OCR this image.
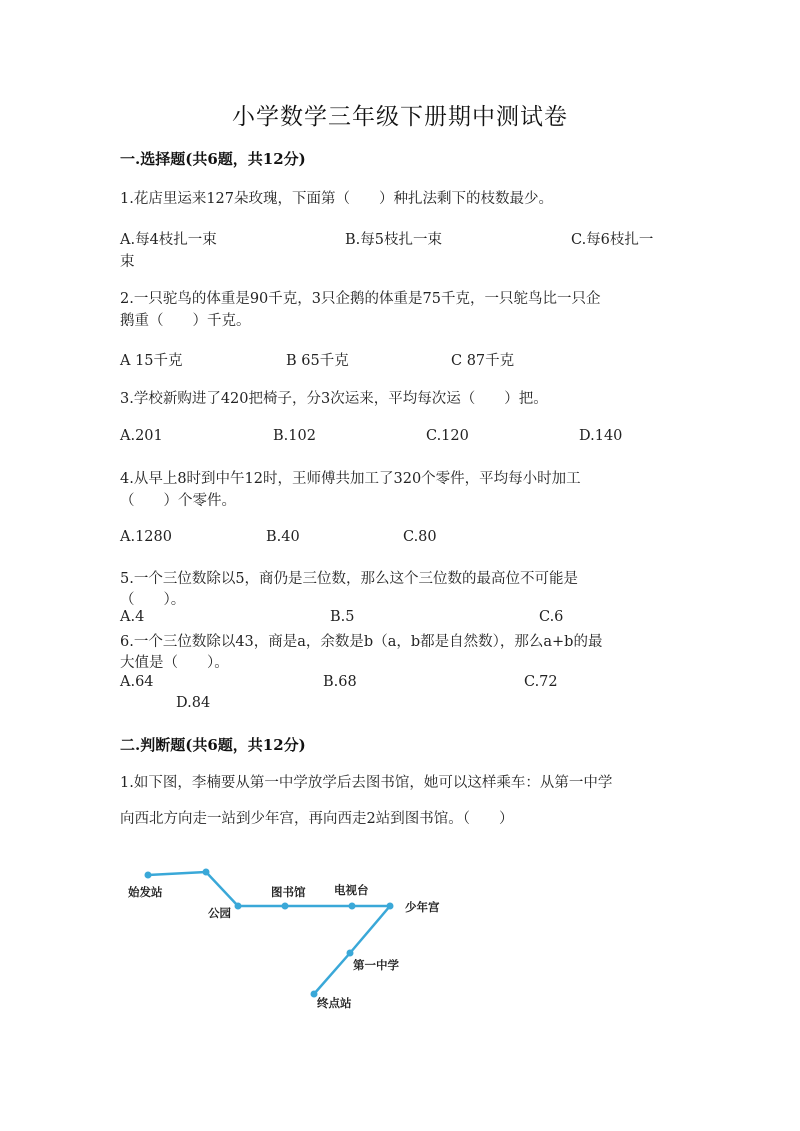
小学数学三年级下册期中测试卷
一.选择题(共6题，共12分)
1.花店里运来127朵玫瑰，下面第（　　）种扎法剩下的枝数最少。
A.每4枝扎一束	B.每5枝扎一束	C.每6枝扎一
束
2.一只驼鸟的体重是90千克，3只企鹅的体重是75千克，一只鸵鸟比一只企
鹅重（　　）千克。
A 15千克	B 65千克	C 87千克
3.学校新购进了420把椅子，分3次运来，平均每次运（　　）把。
A.201	B.102	C.120	D.140
4.从早上8时到中午12时，王师傅共加工了320个零件，平均每小时加工
（　　）个零件。
A.1280	B.40	C.80
5.一个三位数除以5，商仍是三位数，那么这个三位数的最高位不可能是
（　　）。
A.4	B.5	C.6
6.一个三位数除以43，商是a，余数是b（a，b都是自然数），那么a+b的最
大值是（　　）。
A.64	B.68	C.72
D.84
二.判断题(共6题，共12分)
1.如下图，李楠要从第一中学放学后去图书馆，她可以这样乘车：从第一中学
向西北方向走一站到少年宫，再向西走2站到图书馆。（　　）
始发站
公园
图书馆 电视台
少年宫
第一中学
终点站
